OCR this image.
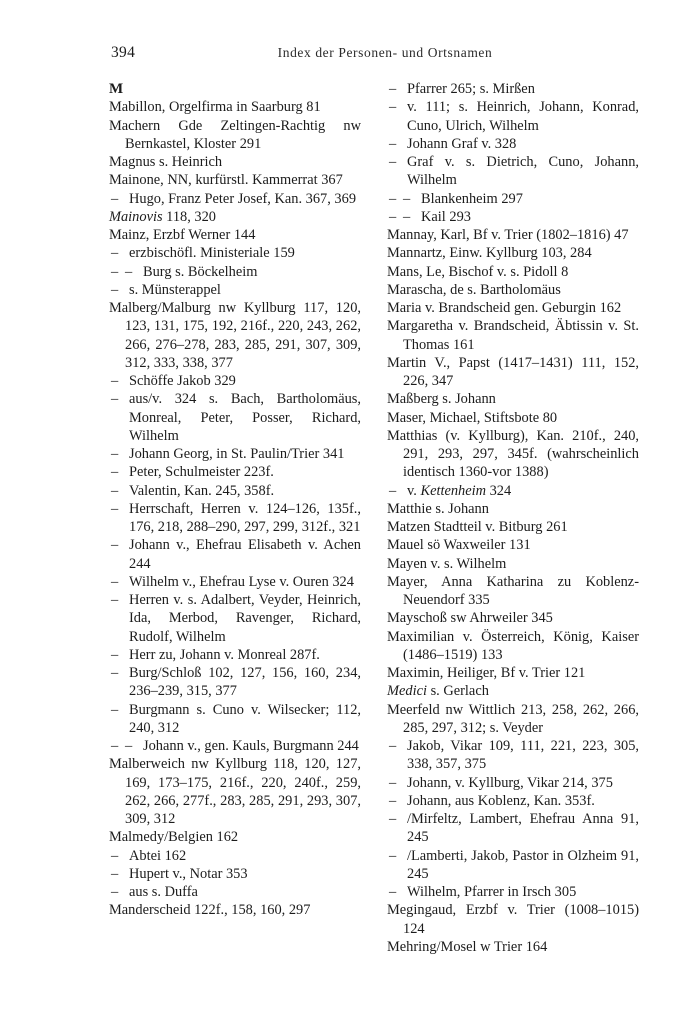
394	Index der Personen- und Ortsnamen
M
Mabillon, Orgelfirma in Saarburg 81
Machern Gde Zeltingen-Rachtig nw Bernkastel, Kloster 291
Magnus s. Heinrich
Mainone, NN, kurfürstl. Kammerrat 367
–
Hugo, Franz Peter Josef, Kan. 367, 369
Mainovis 118, 320
Mainz, Erzbf Werner 144
–
erzbischöfl. Ministeriale 159
–
–
Burg s. Böckelheim
–
s. Münsterappel
Malberg/Malburg nw Kyllburg 117, 120, 123, 131, 175, 192, 216f., 220, 243, 262, 266, 276–278, 283, 285, 291, 307, 309, 312, 333, 338, 377
–
Schöffe Jakob 329
–
aus/v. 324 s. Bach, Bartholomäus, Monreal, Peter, Posser, Richard, Wilhelm
–
Johann Georg, in St. Paulin/Trier 341
–
Peter, Schulmeister 223f.
–
Valentin, Kan. 245, 358f.
–
Herrschaft, Herren v. 124–126, 135f., 176, 218, 288–290, 297, 299, 312f., 321
–
Johann v., Ehefrau Elisabeth v. Achen 244
–
Wilhelm v., Ehefrau Lyse v. Ouren 324
–
Herren v. s. Adalbert, Veyder, Heinrich, Ida, Merbod, Ravenger, Richard, Rudolf, Wilhelm
–
Herr zu, Johann v. Monreal 287f.
–
Burg/Schloß 102, 127, 156, 160, 234, 236–239, 315, 377
–
Burgmann s. Cuno v. Wilsecker; 112, 240, 312
–
–
Johann v., gen. Kauls, Burgmann 244
Malberweich nw Kyllburg 118, 120, 127, 169, 173–175, 216f., 220, 240f., 259, 262, 266, 277f., 283, 285, 291, 293, 307, 309, 312
Malmedy/Belgien 162
–
Abtei 162
–
Hupert v., Notar 353
–
aus s. Duffa
Manderscheid 122f., 158, 160, 297
–
Pfarrer 265; s. Mirßen
–
v. 111; s. Heinrich, Johann, Konrad, Cuno, Ulrich, Wilhelm
–
Johann Graf v. 328
–
Graf v. s. Dietrich, Cuno, Johann, Wilhelm
–
–
Blankenheim 297
–
–
Kail 293
Mannay, Karl, Bf v. Trier (1802–1816) 47
Mannartz, Einw. Kyllburg 103, 284
Mans, Le, Bischof v. s. Pidoll 8
Marascha, de s. Bartholomäus
Maria v. Brandscheid gen. Geburgin 162
Margaretha v. Brandscheid, Äbtissin v. St. Thomas 161
Martin V., Papst (1417–1431) 111, 152, 226, 347
Maßberg s. Johann
Maser, Michael, Stiftsbote 80
Matthias (v. Kyllburg), Kan. 210f., 240, 291, 293, 297, 345f. (wahrscheinlich identisch 1360-vor 1388)
–
v. Kettenheim 324
Matthie s. Johann
Matzen Stadtteil v. Bitburg 261
Mauel sö Waxweiler 131
Mayen v. s. Wilhelm
Mayer, Anna Katharina zu Koblenz-Neuendorf 335
Mayschoß sw Ahrweiler 345
Maximilian v. Österreich, König, Kaiser (1486–1519) 133
Maximin, Heiliger, Bf v. Trier 121
Medici s. Gerlach
Meerfeld nw Wittlich 213, 258, 262, 266, 285, 297, 312; s. Veyder
–
Jakob, Vikar 109, 111, 221, 223, 305, 338, 357, 375
–
Johann, v. Kyllburg, Vikar 214, 375
–
Johann, aus Koblenz, Kan. 353f.
–
/Mirfeltz, Lambert, Ehefrau Anna 91, 245
–
/Lamberti, Jakob, Pastor in Olzheim 91, 245
–
Wilhelm, Pfarrer in Irsch 305
Megingaud, Erzbf v. Trier (1008–1015) 124
Mehring/Mosel w Trier 164
